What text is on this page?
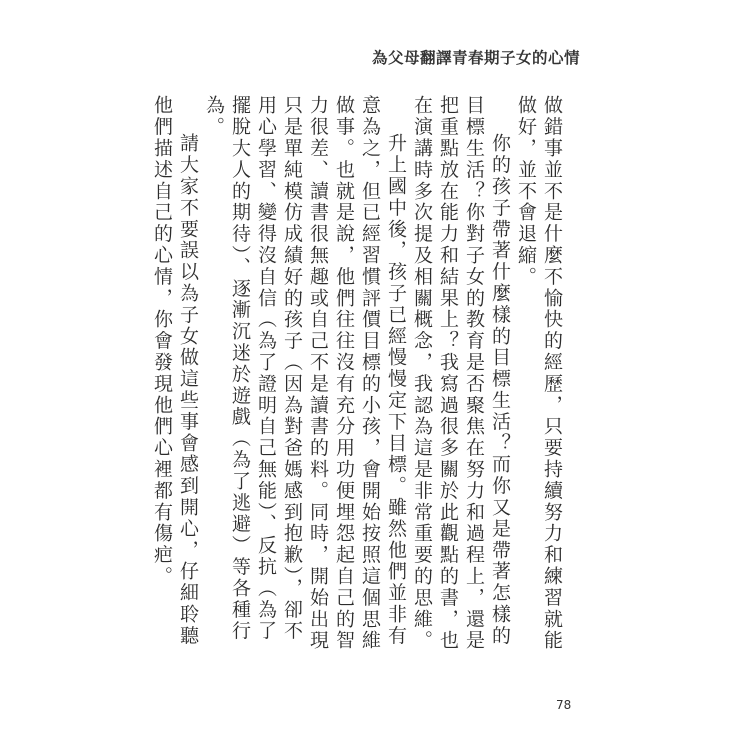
為父母翻譯青春期子女的心情

做錯事並不是什麼不愉快的經歷，只要持續努力和練習就能做好，並不會退縮。

你的孩子帶著什麼樣的目標生活？而你又是帶著怎樣的目標生活？你對子女的教育是否聚焦在努力和過程上，還是把重點放在能力和結果上？我寫過很多關於此觀點的書，也在演講時多次提及相關概念，我認為這是非常重要的思維。

升上國中後，孩子已經慢慢定下目標。雖然他們並非有意為之，但已經習慣評價目標的小孩，會開始按照這個思維做事。也就是說，他們往往沒有充分用功便埋怨起自己的智力很差、讀書很無趣或自己不是讀書的料。同時，開始出現只是單純模仿成績好的孩子（因為對爸媽感到抱歉），卻不用心學習、變得沒自信（為了證明自己無能）、反抗（為了擺脫大人的期待）、逐漸沉迷於遊戲（為了逃避）等各種行為。

請大家不要誤以為子女做這些事會感到開心，仔細聆聽他們描述自己的心情，你會發現他們心裡都有傷疤。

78
